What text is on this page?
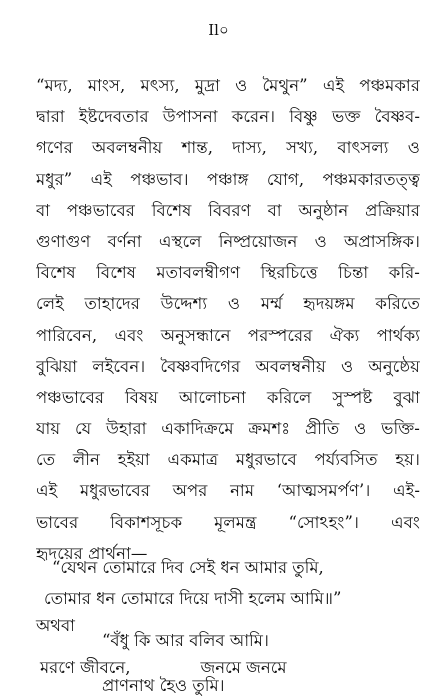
Il০
“মদ্য, মাংস, মৎস্য, মুদ্রা ও মৈথুন” এই পঞ্চমকার
দ্বারা ইষ্টদেবতার উপাসনা করেন। বিষ্ণু ভক্ত বৈষ্ণব-
গণের অবলম্বনীয় শান্ত, দাস্য, সখ্য, বাৎসল্য ও
মধুর” এই পঞ্চভাব। পঞ্চাঙ্গ যোগ, পঞ্চমকারতত্ত্ব
বা পঞ্চভাবের বিশেষ বিবরণ বা অনুষ্ঠান প্রক্রিয়ার
গুণাগুণ বর্ণনা এস্থলে নিষ্প্রয়োজন ও অপ্রাসঙ্গিক।
বিশেষ বিশেষ মতাবলম্বীগণ স্থিরচিত্তে চিন্তা করি-
লেই তাহাদের উদ্দেশ্য ও মর্ম্ম হৃদয়ঙ্গম করিতে
পারিবেন, এবং অনুসন্ধানে পরস্পরের ঐক্য পার্থক্য
বুঝিয়া লইবেন। বৈষ্ণবদিগের অবলম্বনীয় ও অনুষ্ঠেয়
পঞ্চভাবের বিষয় আলোচনা করিলে সুস্পষ্ট বুঝা
যায় যে উহারা একাদিক্রমে ক্রমশঃ প্রীতি ও ভক্তি-
তে লীন হইয়া একমাত্র মধুরভাবে পর্য্যবসিত হয়।
এই মধুরভাবের অপর নাম ‘আত্মসমর্পণ’। এই-
ভাবের বিকাশসূচক মূলমন্ত্র “সোঽহং”। এবং
হৃদয়ের প্রার্থনা—
“যেথন তোমারে দিব সেই ধন আমার তুমি,
তোমার ধন তোমারে দিয়ে দাসী হলেম আমি॥”
অথবা
“বঁধু কি আর বলিব আমি।
মরণে জীবনে,	জনমে জনমে
প্রাণনাথ হৈও তুমি।
